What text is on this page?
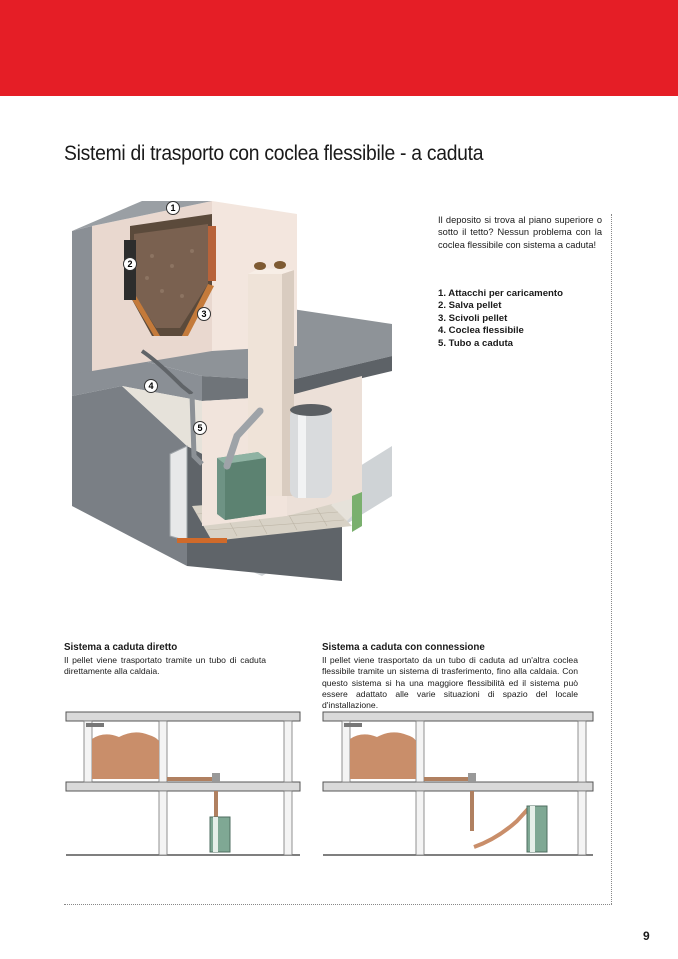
Sistemi di trasporto con coclea flessibile - a caduta
1
2
3
4
5
Il deposito si trova al piano superiore o sotto il tetto? Nessun problema con la coclea flessibile con sistema a caduta!
1. Attacchi per caricamento
2. Salva pellet
3. Scivoli pellet
4. Coclea flessibile
5. Tubo a caduta
Sistema a caduta diretto
Il pellet viene trasportato tramite un tubo di caduta direttamente alla caldaia.
Sistema a caduta con connessione
Il pellet viene trasportato da un tubo di caduta ad un'altra coclea flessibile tramite un sistema di trasferimento, fino alla caldaia. Con questo sistema si ha una maggiore flessibilità ed il sistema può essere adattato alle varie situazioni di spazio del locale d'installazione.
9
